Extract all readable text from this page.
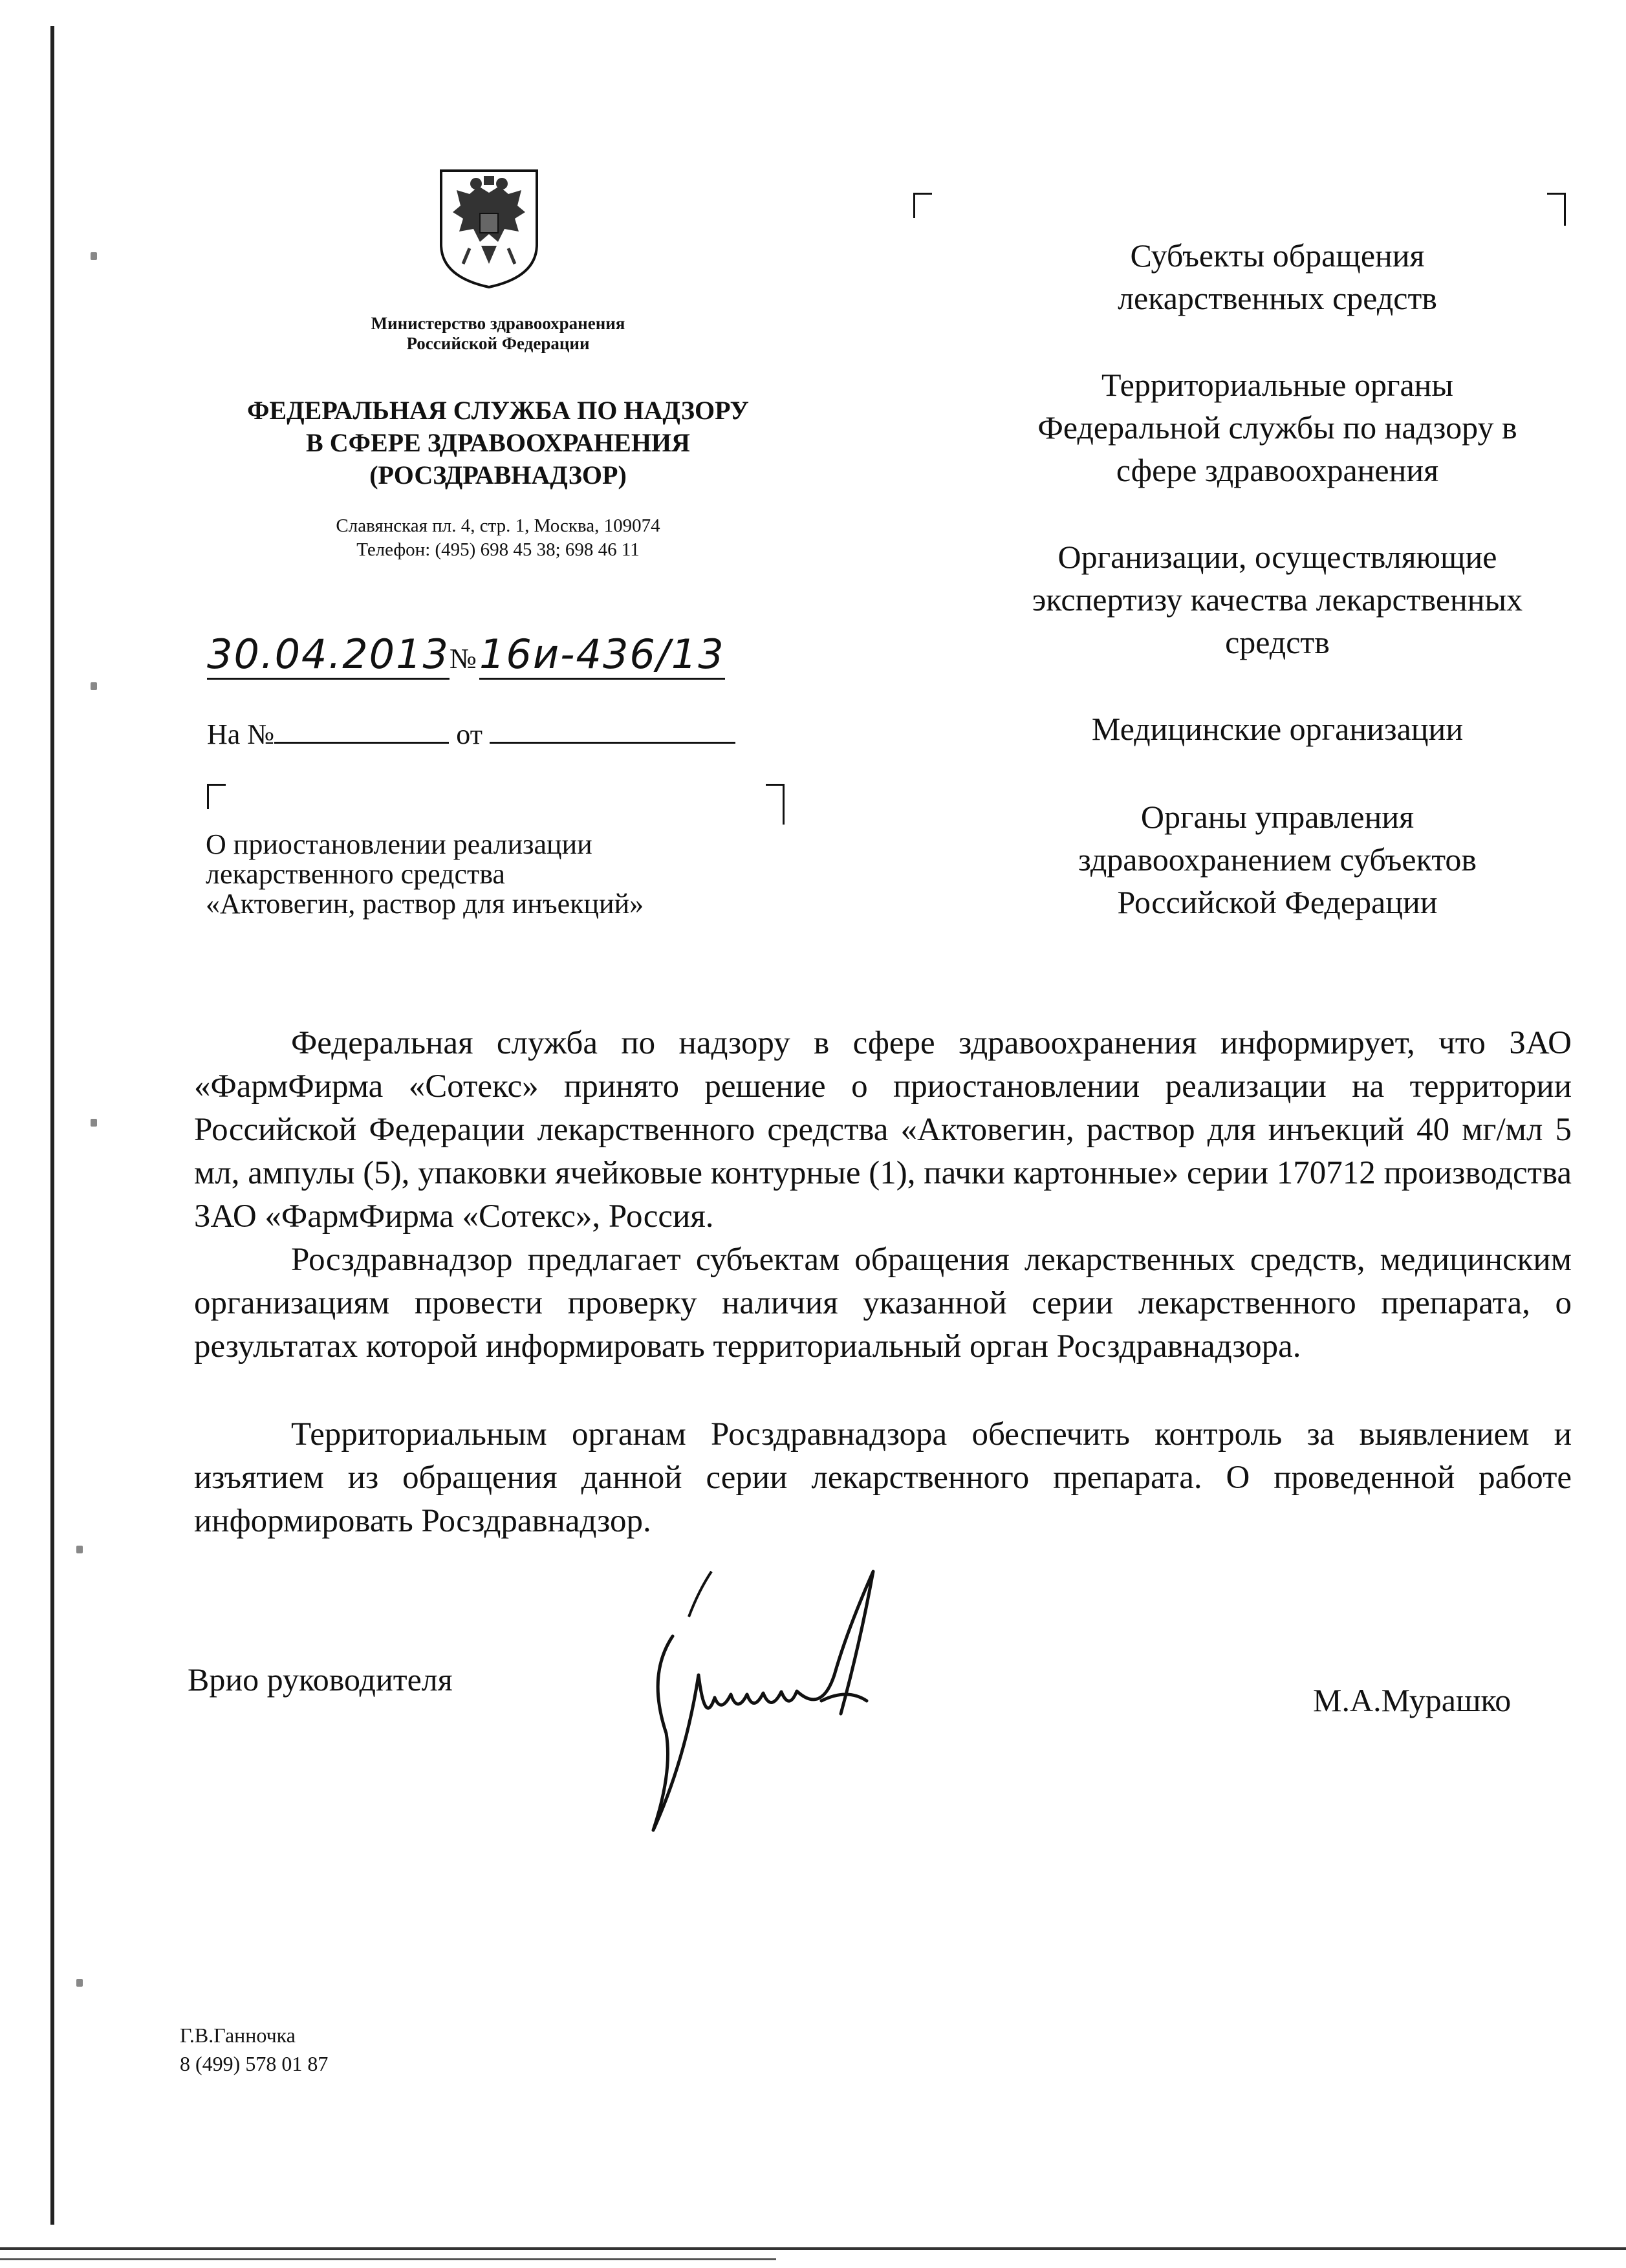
Министерство здравоохранения
Российской Федерации
ФЕДЕРАЛЬНАЯ СЛУЖБА ПО НАДЗОРУ
В СФЕРЕ ЗДРАВООХРАНЕНИЯ
(РОСЗДРАВНАДЗОР)
Славянская пл. 4, стр. 1, Москва, 109074
Телефон: (495) 698 45 38; 698 46 11
30.04.2013№ 16и-436/13
На №	от
О приостановлении реализации
лекарственного средства
«Актовегин, раствор для инъекций»
Субъекты обращения
лекарственных средств
Территориальные органы
Федеральной службы по надзору в
сфере здравоохранения
Организации, осуществляющие
экспертизу качества лекарственных
средств
Медицинские организации
Органы управления
здравоохранением субъектов
Российской Федерации
Федеральная служба по надзору в сфере здравоохранения информирует, что ЗАО «ФармФирма «Сотекс» принято решение о приостановлении реализации на территории Российской Федерации лекарственного средства «Актовегин, раствор для инъекций 40 мг/мл 5 мл, ампулы (5), упаковки ячейковые контурные (1), пачки картонные» серии 170712 производства ЗАО «ФармФирма «Сотекс», Россия.
Росздравнадзор предлагает субъектам обращения лекарственных средств, медицинским организациям провести проверку наличия указанной серии лекарственного препарата, о результатах которой информировать территориальный орган Росздравнадзора.
Территориальным органам Росздравнадзора обеспечить контроль за выявлением и изъятием из обращения данной серии лекарственного препарата. О проведенной работе информировать Росздравнадзор.
Врио руководителя
М.А.Мурашко
Г.В.Ганночка
8 (499) 578 01 87
